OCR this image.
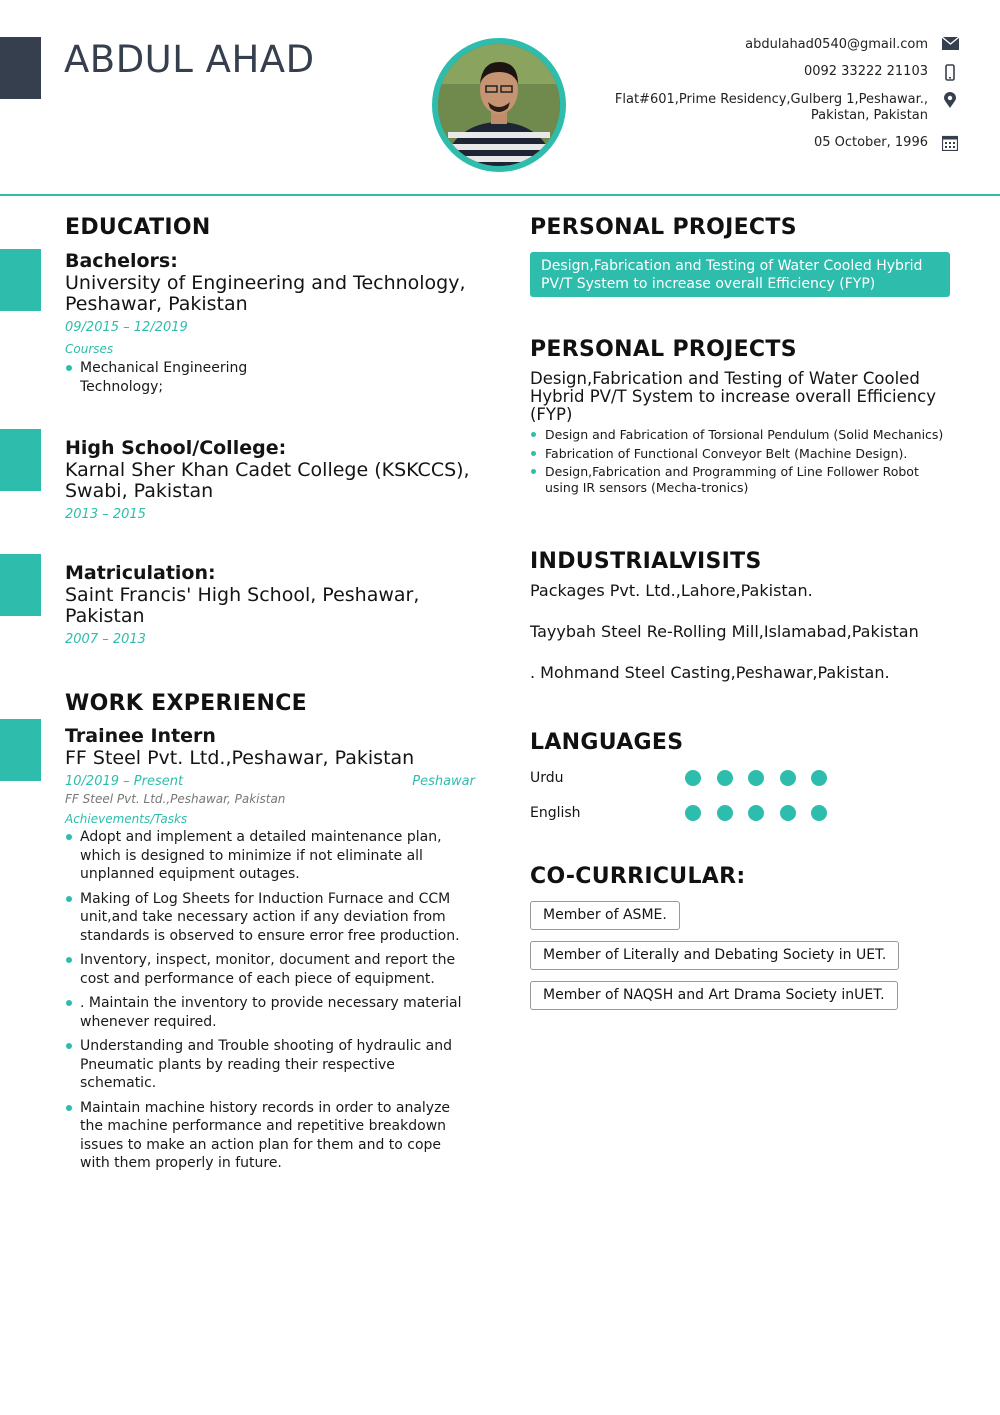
ABDUL AHAD	abdulahad0540@gmail.com
0092 33222 21103
Flat#601,Prime Residency,Gulberg 1,Peshawar.,
Pakistan, Pakistan
05 October, 1996
EDUCATION
Bachelors:
University of Engineering and Technology, Peshawar, Pakistan
09/2015 – 12/2019
Courses
Mechanical Engineering Technology;
High School/College:
Karnal Sher Khan Cadet College (KSKCCS), Swabi, Pakistan
2013 – 2015
Matriculation:
Saint Francis' High School, Peshawar, Pakistan
2007 – 2013
WORK EXPERIENCE
Trainee Intern
FF Steel Pvt. Ltd.,Peshawar, Pakistan
10/2019 – Present	Peshawar
FF Steel Pvt. Ltd.,Peshawar, Pakistan
Achievements/Tasks
Adopt and implement a detailed maintenance plan, which is designed to minimize if not eliminate all unplanned equipment outages.
Making of Log Sheets for Induction Furnace and CCM unit,and take necessary action if any deviation from standards is observed to ensure error free production.
Inventory, inspect, monitor, document and report the cost and performance of each piece of equipment.
. Maintain the inventory to provide necessary material whenever required.
Understanding and Trouble shooting of hydraulic and Pneumatic plants by reading their respective schematic.
Maintain machine history records in order to analyze the machine performance and repetitive breakdown issues to make an action plan for them and to cope with them properly in future.
PERSONAL PROJECTS
Design,Fabrication and Testing of Water Cooled Hybrid PV/T System to increase overall Efficiency (FYP)
PERSONAL PROJECTS
Design,Fabrication and Testing of Water Cooled Hybrid PV/T System to increase overall Efficiency (FYP)
Design and Fabrication of Torsional Pendulum (Solid Mechanics)
Fabrication of Functional Conveyor Belt (Machine Design).
Design,Fabrication and Programming of Line Follower Robot using IR sensors (Mecha-tronics)
INDUSTRIALVISITS
Packages Pvt. Ltd.,Lahore,Pakistan.
Tayybah Steel Re-Rolling Mill,Islamabad,Pakistan
. Mohmand Steel Casting,Peshawar,Pakistan.
LANGUAGES
Urdu
English
CO-CURRICULAR:
Member of ASME.
Member of Literally and Debating Society in UET.
Member of NAQSH and Art Drama Society inUET.
